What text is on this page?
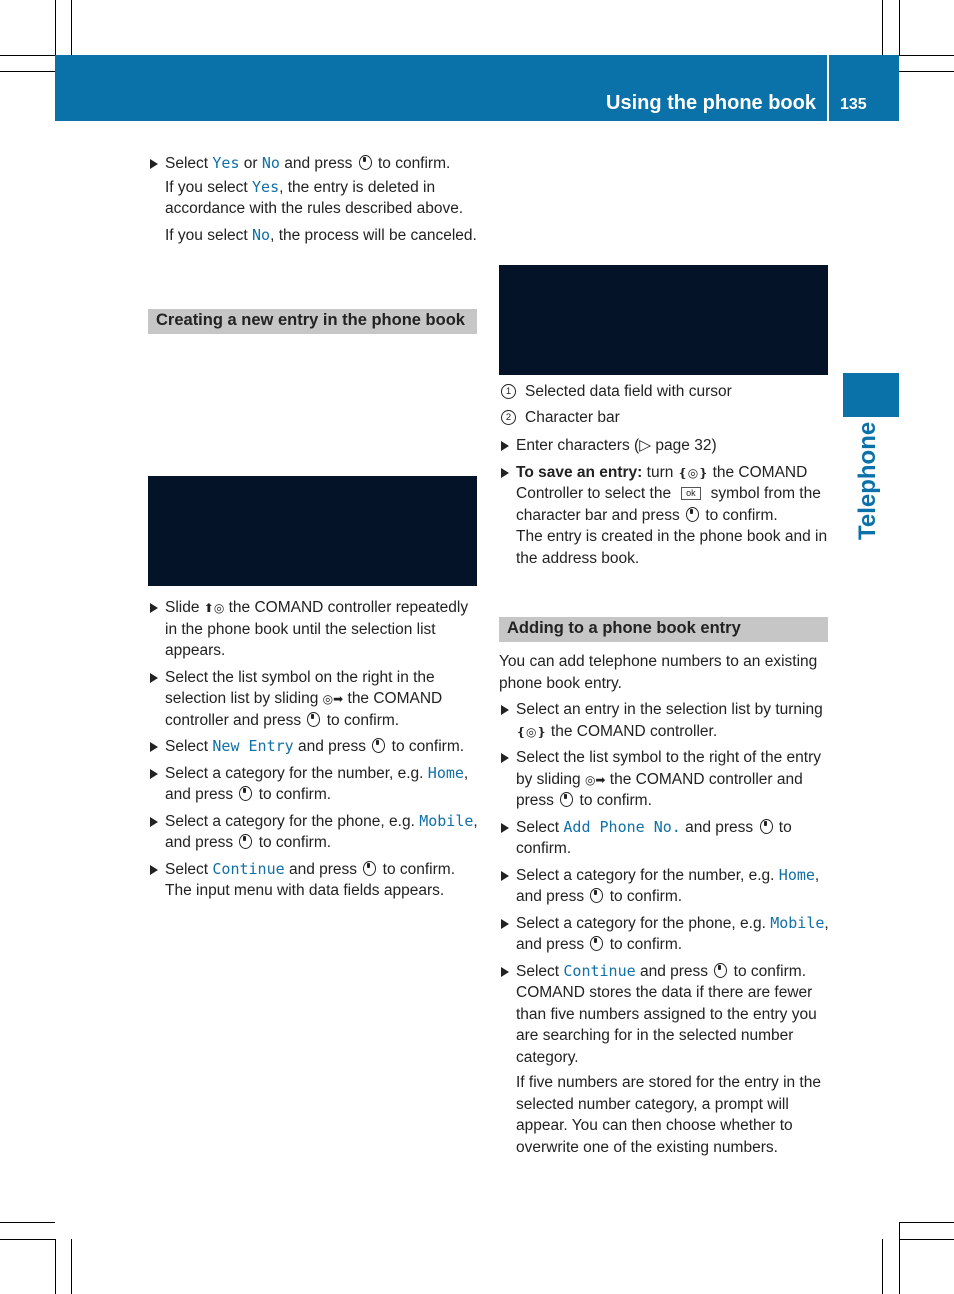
Using the phone book 135
Telephone
Select Yes or No and press  to confirm.
If you select Yes, the entry is deleted in accordance with the rules described above.
If you select No, the process will be canceled.
Creating a new entry in the phone book
Slide ⬆◎ the COMAND controller repeatedly in the phone book until the selection list appears.
Select the list symbol on the right in the selection list by sliding ◎➡ the COMAND controller and press  to confirm.
Select New Entry and press  to confirm.
Select a category for the number, e.g. Home, and press  to confirm.
Select a category for the phone, e.g. Mobile, and press  to confirm.
Select Continue and press  to confirm.
The input menu with data fields appears.
1 Selected data field with cursor
2 Character bar
Enter characters (▷ page 32)
To save an entry: turn ❴◎❵ the COMAND Controller to select the ok symbol from the character bar and press  to confirm.
The entry is created in the phone book and in the address book.
Adding to a phone book entry
You can add telephone numbers to an existing phone book entry.
Select an entry in the selection list by turning ❴◎❵ the COMAND controller.
Select the list symbol to the right of the entry by sliding ◎➡ the COMAND controller and press  to confirm.
Select Add Phone No. and press  to confirm.
Select a category for the number, e.g. Home, and press  to confirm.
Select a category for the phone, e.g. Mobile, and press  to confirm.
Select Continue and press  to confirm.
COMAND stores the data if there are fewer than five numbers assigned to the entry you are searching for in the selected number category.
If five numbers are stored for the entry in the selected number category, a prompt will appear. You can then choose whether to overwrite one of the existing numbers.
